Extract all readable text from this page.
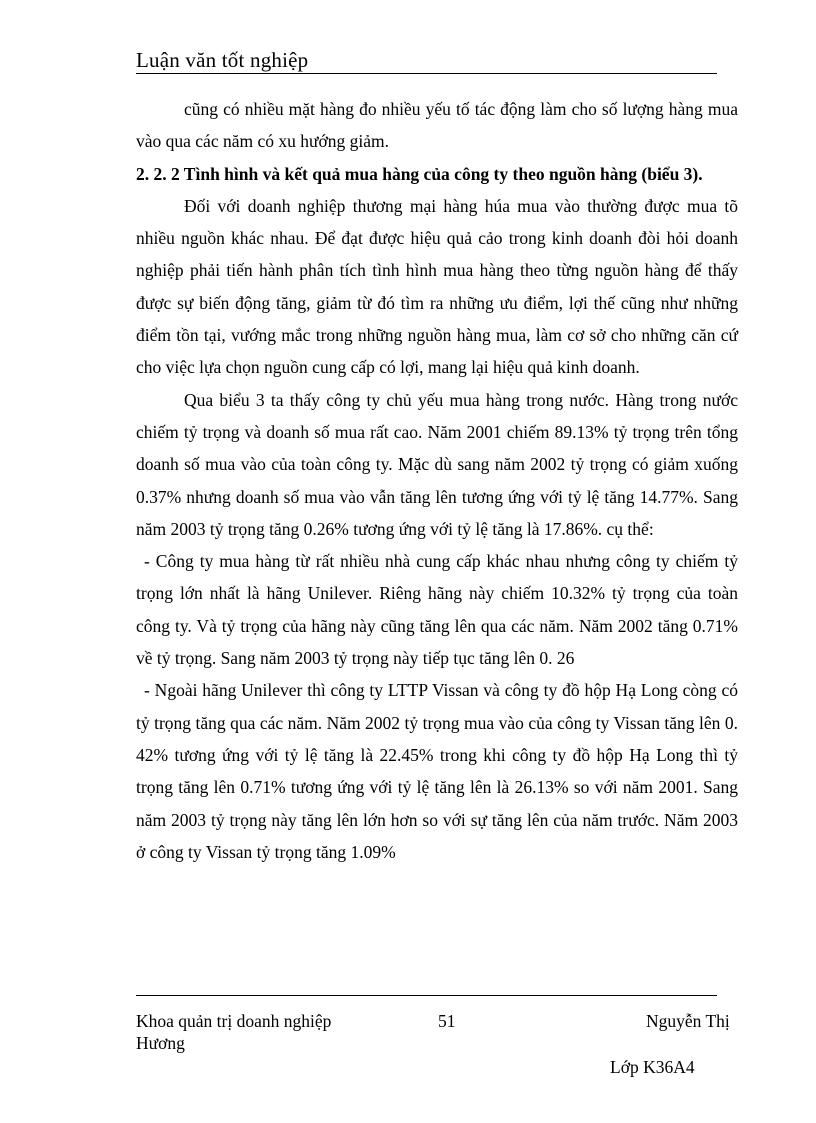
Luận văn tốt nghiệp

cũng có nhiều mặt hàng đo nhiều yếu tố tác động làm cho số lượng hàng mua vào qua các năm có xu hướng giảm.

2. 2. 2 Tình hình và kết quả mua hàng của công ty theo nguồn hàng (biểu 3).

Đối với doanh nghiệp thương mại hàng húa mua vào thường được mua tõ nhiều nguồn khác nhau. Để đạt được hiệu quả cảo trong kinh doanh đòi hỏi doanh nghiệp phải tiến hành phân tích tình hình mua hàng theo từng nguồn hàng để thấy được sự biến động tăng, giảm từ đó tìm ra những ưu điểm, lợi thế cũng như những điểm tồn tại, vướng mắc trong những nguồn hàng mua, làm cơ sở cho những căn cứ cho việc lựa chọn nguồn cung cấp có lợi, mang lại hiệu quả kinh doanh.

Qua biểu 3 ta thấy công ty chủ yếu mua hàng trong nước. Hàng trong nước chiếm tỷ trọng và doanh số mua rất cao. Năm 2001 chiếm 89.13% tỷ trọng trên tổng doanh số mua vào của toàn công ty. Mặc dù sang năm 2002 tỷ trọng có giảm xuống 0.37% nhưng doanh số mua vào vẫn tăng lên tương ứng với tỷ lệ tăng 14.77%. Sang năm 2003 tỷ trọng tăng 0.26% tương ứng với tỷ lệ tăng là 17.86%. cụ thể:

- Công ty mua hàng từ rất nhiều nhà cung cấp khác nhau nhưng công ty chiếm tỷ trọng lớn nhất là hãng Unilever. Riêng hãng này chiếm 10.32% tỷ trọng của toàn công ty. Và tỷ trọng của hãng này cũng tăng lên qua các năm. Năm 2002 tăng 0.71% về tỷ trọng. Sang năm 2003 tỷ trọng này tiếp tục tăng lên 0. 26

- Ngoài hãng Unilever thì công ty LTTP Vissan và công ty đồ hộp Hạ Long còng có tỷ trọng tăng qua các năm. Năm 2002 tỷ trọng mua vào của công ty Vissan tăng lên 0. 42% tương ứng với tỷ lệ tăng là 22.45% trong khi công ty đồ hộp Hạ Long thì tỷ trọng tăng lên 0.71% tương ứng với tỷ lệ tăng lên là 26.13% so với năm 2001. Sang năm 2003 tỷ trọng này tăng lên lớn hơn so với sự tăng lên của năm trước. Năm 2003 ở công ty Vissan tỷ trọng tăng 1.09%

Khoa quản trị doanh nghiệp	51	Nguyễn Thị
Hương
Lớp K36A4
